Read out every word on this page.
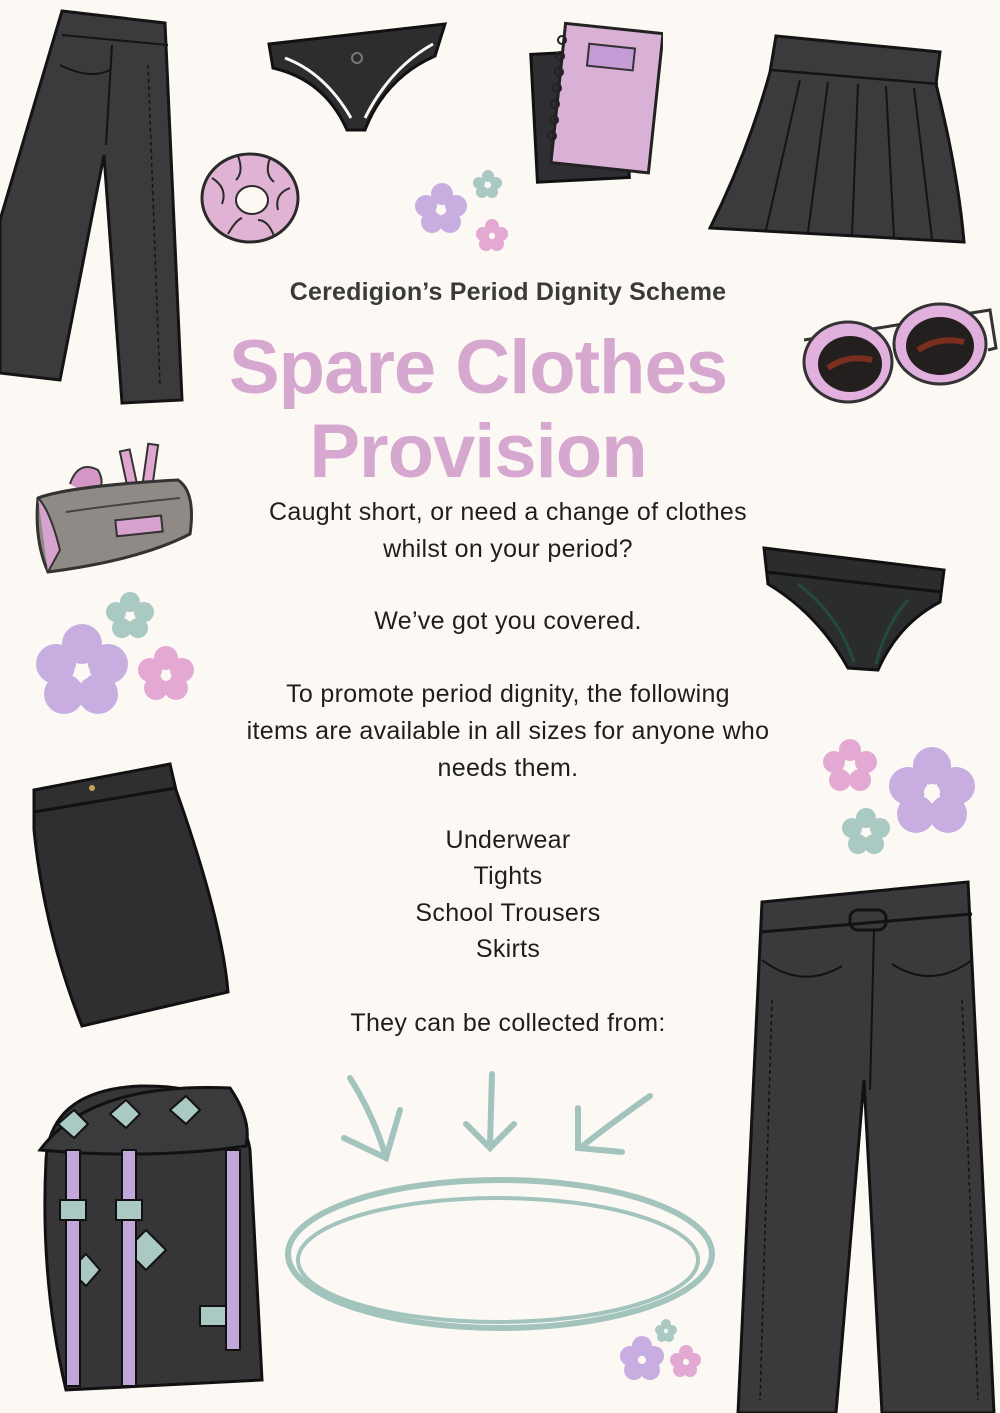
Ceredigion’s Period Dignity Scheme
Spare Clothes
Provision
Caught short, or need a change of clothes
whilst on your period?
We’ve got you covered.
To promote period dignity, the following
items are available in all sizes for anyone who
needs them.
Underwear
Tights
School Trousers
Skirts
They can be collected from:
